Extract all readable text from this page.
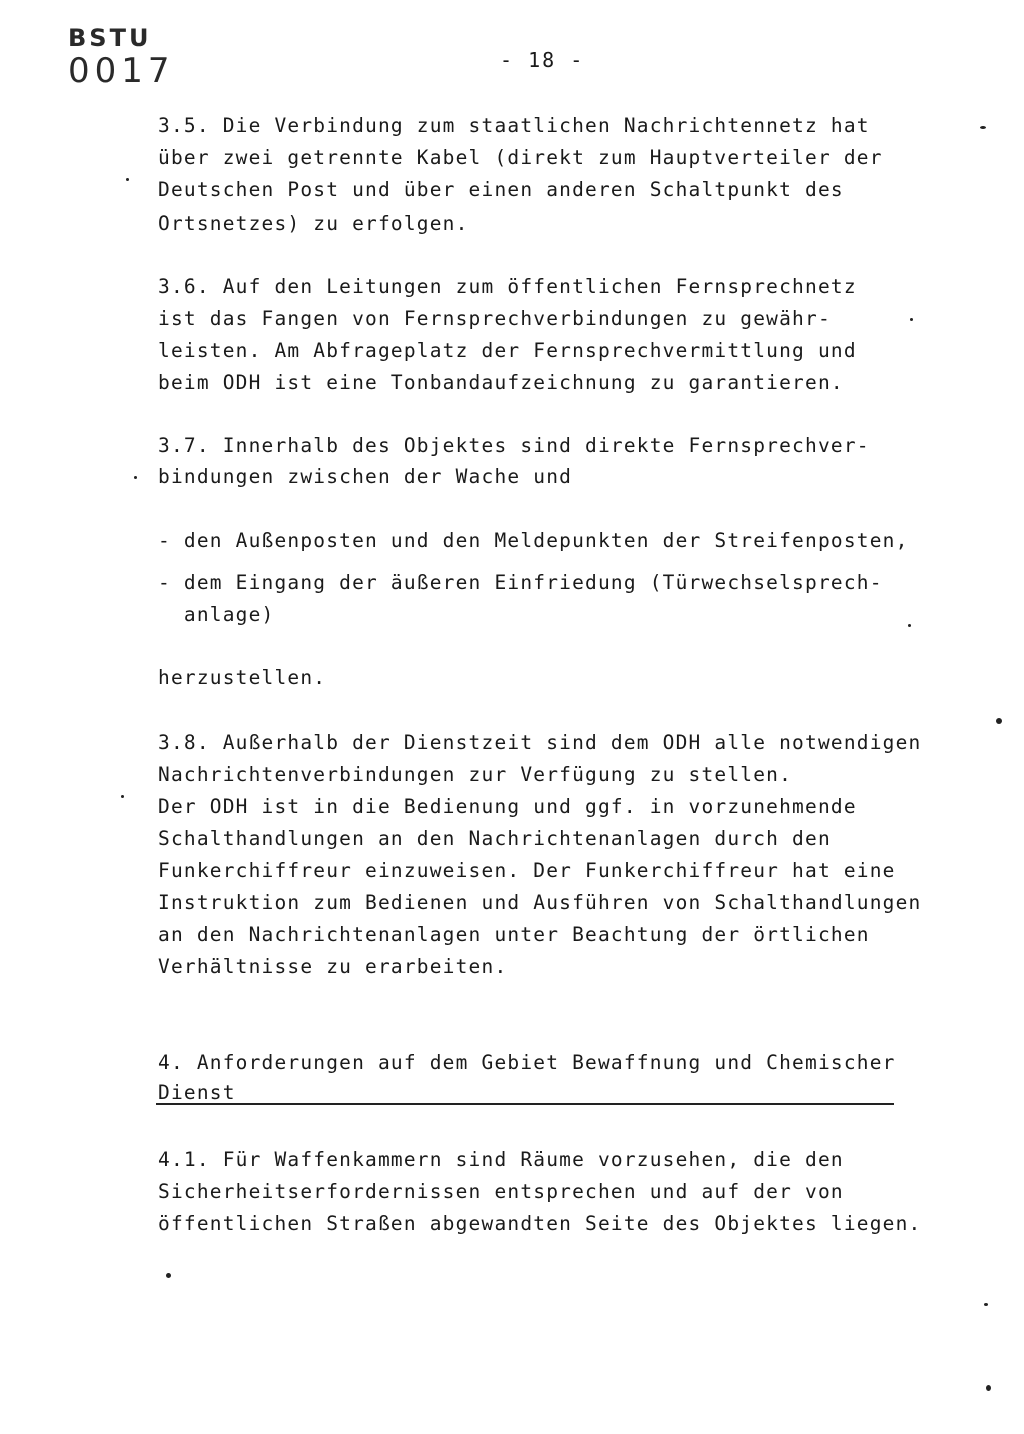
BSTU
0017	- 18 -
3.5. Die Verbindung zum staatlichen Nachrichtennetz hat
über zwei getrennte Kabel (direkt zum Hauptverteiler der
Deutschen Post und über einen anderen Schaltpunkt des
Ortsnetzes) zu erfolgen.
3.6. Auf den Leitungen zum öffentlichen Fernsprechnetz
ist das Fangen von Fernsprechverbindungen zu gewähr-
leisten. Am Abfrageplatz der Fernsprechvermittlung und
beim ODH ist eine Tonbandaufzeichnung zu garantieren.
3.7. Innerhalb des Objektes sind direkte Fernsprechver-
bindungen zwischen der Wache und
- den Außenposten und den Meldepunkten der Streifenposten,
- dem Eingang der äußeren Einfriedung (Türwechselsprech-
anlage)
herzustellen.
3.8. Außerhalb der Dienstzeit sind dem ODH alle notwendigen
Nachrichtenverbindungen zur Verfügung zu stellen.
Der ODH ist in die Bedienung und ggf. in vorzunehmende
Schalthandlungen an den Nachrichtenanlagen durch den
Funkerchiffreur einzuweisen. Der Funkerchiffreur hat eine
Instruktion zum Bedienen und Ausführen von Schalthandlungen
an den Nachrichtenanlagen unter Beachtung der örtlichen
Verhältnisse zu erarbeiten.
4. Anforderungen auf dem Gebiet Bewaffnung und Chemischer
Dienst
4.1. Für Waffenkammern sind Räume vorzusehen, die den
Sicherheitserfordernissen entsprechen und auf der von
öffentlichen Straßen abgewandten Seite des Objektes liegen.
